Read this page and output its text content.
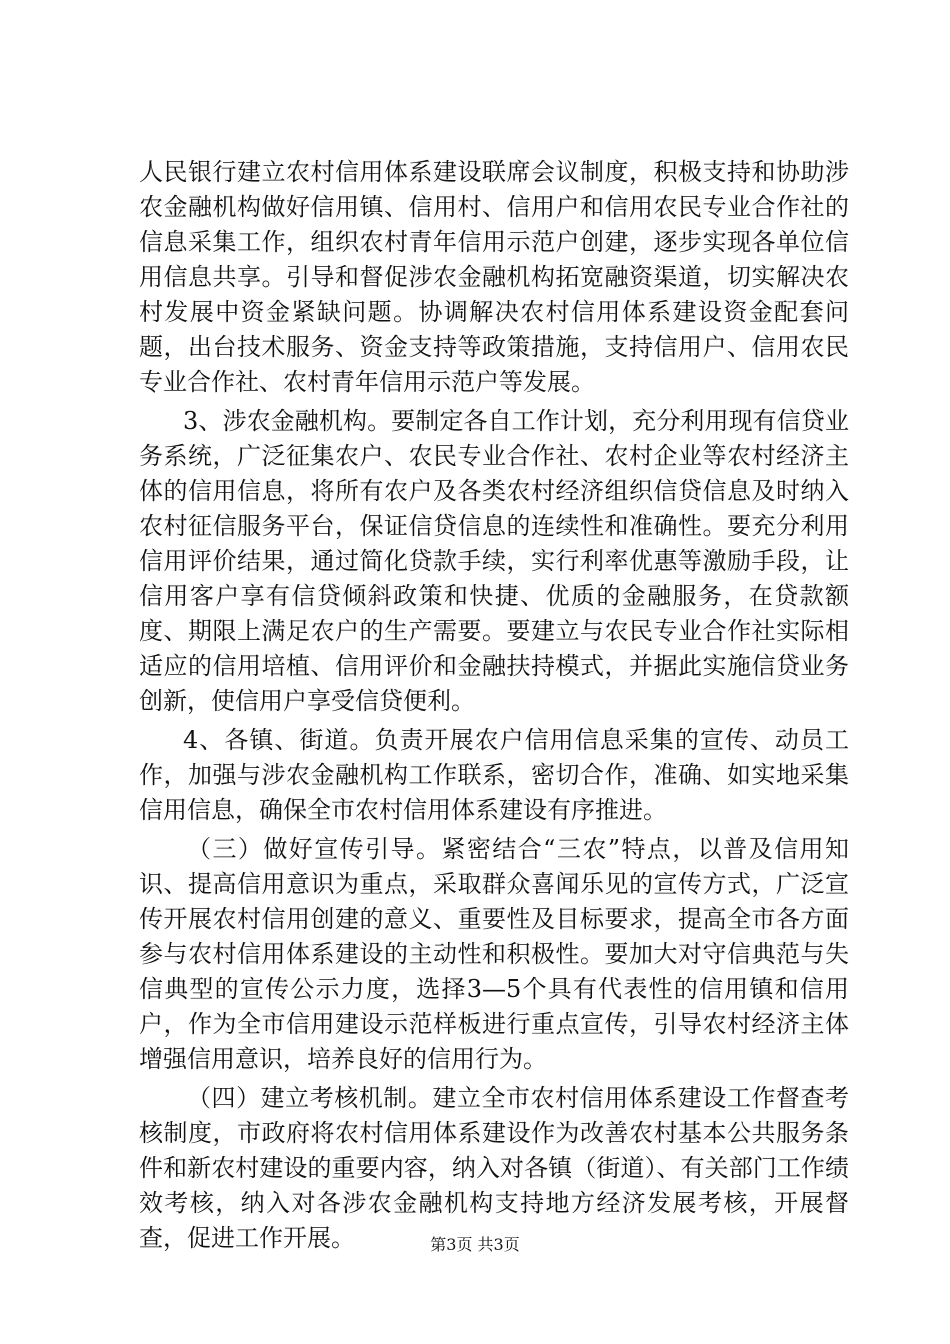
人民银行建立农村信用体系建设联席会议制度，积极支持和协助涉农金融机构做好信用镇、信用村、信用户和信用农民专业合作社的信息采集工作，组织农村青年信用示范户创建，逐步实现各单位信用信息共享。引导和督促涉农金融机构拓宽融资渠道，切实解决农村发展中资金紧缺问题。协调解决农村信用体系建设资金配套问题，出台技术服务、资金支持等政策措施，支持信用户、信用农民专业合作社、农村青年信用示范户等发展。

3、涉农金融机构。要制定各自工作计划，充分利用现有信贷业务系统，广泛征集农户、农民专业合作社、农村企业等农村经济主体的信用信息，将所有农户及各类农村经济组织信贷信息及时纳入农村征信服务平台，保证信贷信息的连续性和准确性。要充分利用信用评价结果，通过简化贷款手续，实行利率优惠等激励手段，让信用客户享有信贷倾斜政策和快捷、优质的金融服务，在贷款额度、期限上满足农户的生产需要。要建立与农民专业合作社实际相适应的信用培植、信用评价和金融扶持模式，并据此实施信贷业务创新，使信用户享受信贷便利。

4、各镇、街道。负责开展农户信用信息采集的宣传、动员工作，加强与涉农金融机构工作联系，密切合作，准确、如实地采集信用信息，确保全市农村信用体系建设有序推进。

（三）做好宣传引导。紧密结合“三农”特点，以普及信用知识、提高信用意识为重点，采取群众喜闻乐见的宣传方式，广泛宣传开展农村信用创建的意义、重要性及目标要求，提高全市各方面参与农村信用体系建设的主动性和积极性。要加大对守信典范与失信典型的宣传公示力度，选择3—5个具有代表性的信用镇和信用户，作为全市信用建设示范样板进行重点宣传，引导农村经济主体增强信用意识，培养良好的信用行为。

（四）建立考核机制。建立全市农村信用体系建设工作督查考核制度，市政府将农村信用体系建设作为改善农村基本公共服务条件和新农村建设的重要内容，纳入对各镇（街道）、有关部门工作绩效考核，纳入对各涉农金融机构支持地方经济发展考核，开展督查，促进工作开展。	第3页 共3页
